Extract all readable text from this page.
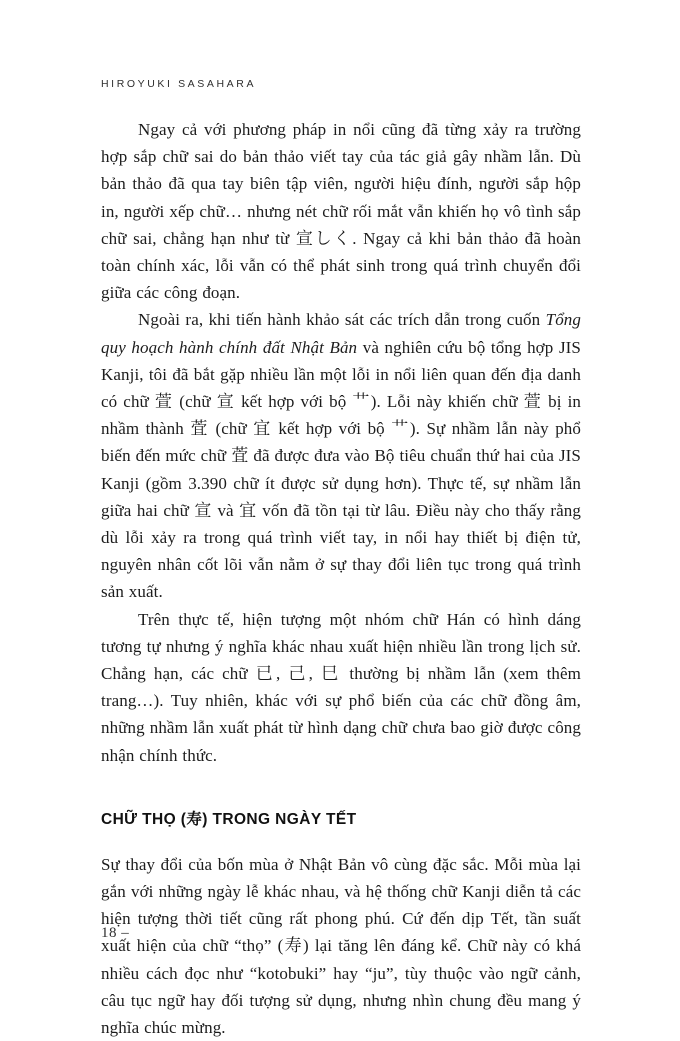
HIROYUKI SASAHARA

Ngay cả với phương pháp in nổi cũng đã từng xảy ra trường hợp sắp chữ sai do bản thảo viết tay của tác giả gây nhầm lẫn. Dù bản thảo đã qua tay biên tập viên, người hiệu đính, người sắp hộp in, người xếp chữ… nhưng nét chữ rối mắt vẫn khiến họ vô tình sắp chữ sai, chẳng hạn như từ 宣しく. Ngay cả khi bản thảo đã hoàn toàn chính xác, lỗi vẫn có thể phát sinh trong quá trình chuyển đổi giữa các công đoạn.

Ngoài ra, khi tiến hành khảo sát các trích dẫn trong cuốn Tổng quy hoạch hành chính đất Nhật Bản và nghiên cứu bộ tổng hợp JIS Kanji, tôi đã bắt gặp nhiều lần một lỗi in nổi liên quan đến địa danh có chữ 萱 (chữ 宣 kết hợp với bộ 艹). Lỗi này khiến chữ 萱 bị in nhầm thành 萓 (chữ 宜 kết hợp với bộ 艹). Sự nhầm lẫn này phổ biến đến mức chữ 萓 đã được đưa vào Bộ tiêu chuẩn thứ hai của JIS Kanji (gồm 3.390 chữ ít được sử dụng hơn). Thực tế, sự nhầm lẫn giữa hai chữ 宣 và 宜 vốn đã tồn tại từ lâu. Điều này cho thấy rằng dù lỗi xảy ra trong quá trình viết tay, in nổi hay thiết bị điện tử, nguyên nhân cốt lõi vẫn nằm ở sự thay đổi liên tục trong quá trình sản xuất.

Trên thực tế, hiện tượng một nhóm chữ Hán có hình dáng tương tự nhưng ý nghĩa khác nhau xuất hiện nhiều lần trong lịch sử. Chẳng hạn, các chữ 已, 己, 巳 thường bị nhầm lẫn (xem thêm trang…). Tuy nhiên, khác với sự phổ biến của các chữ đồng âm, những nhầm lẫn xuất phát từ hình dạng chữ chưa bao giờ được công nhận chính thức.

CHỮ THỌ (寿) TRONG NGÀY TẾT

Sự thay đổi của bốn mùa ở Nhật Bản vô cùng đặc sắc. Mỗi mùa lại gắn với những ngày lễ khác nhau, và hệ thống chữ Kanji diễn tả các hiện tượng thời tiết cũng rất phong phú. Cứ đến dịp Tết, tần suất xuất hiện của chữ “thọ” (寿) lại tăng lên đáng kể. Chữ này có khá nhiều cách đọc như “kotobuki” hay “ju”, tùy thuộc vào ngữ cảnh, câu tục ngữ hay đối tượng sử dụng, nhưng nhìn chung đều mang ý nghĩa chúc mừng.

18 –
